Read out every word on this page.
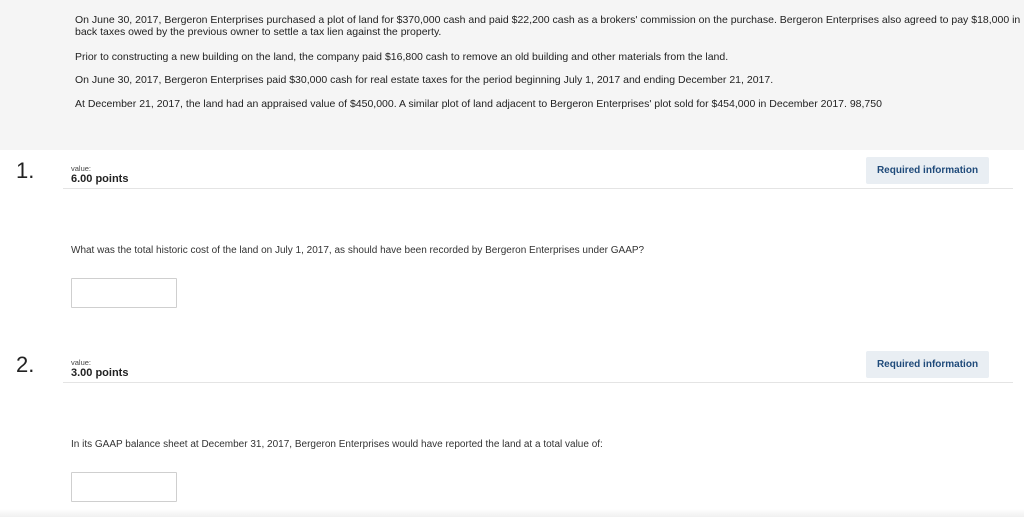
On June 30, 2017, Bergeron Enterprises purchased a plot of land for $370,000 cash and paid $22,200 cash as a brokers' commission on the purchase. Bergeron Enterprises also agreed to pay $18,000 in back taxes owed by the previous owner to settle a tax lien against the property.

Prior to constructing a new building on the land, the company paid $16,800 cash to remove an old building and other materials from the land.

On June 30, 2017, Bergeron Enterprises paid $30,000 cash for real estate taxes for the period beginning July 1, 2017 and ending December 21, 2017.

At December 21, 2017, the land had an appraised value of $450,000. A similar plot of land adjacent to Bergeron Enterprises' plot sold for $454,000 in December 2017. 98,750

1.	value:
6.00 points
Required information
What was the total historic cost of the land on July 1, 2017, as should have been recorded by Bergeron Enterprises under GAAP?
2.	value:
3.00 points
Required information
In its GAAP balance sheet at December 31, 2017, Bergeron Enterprises would have reported the land at a total value of:
